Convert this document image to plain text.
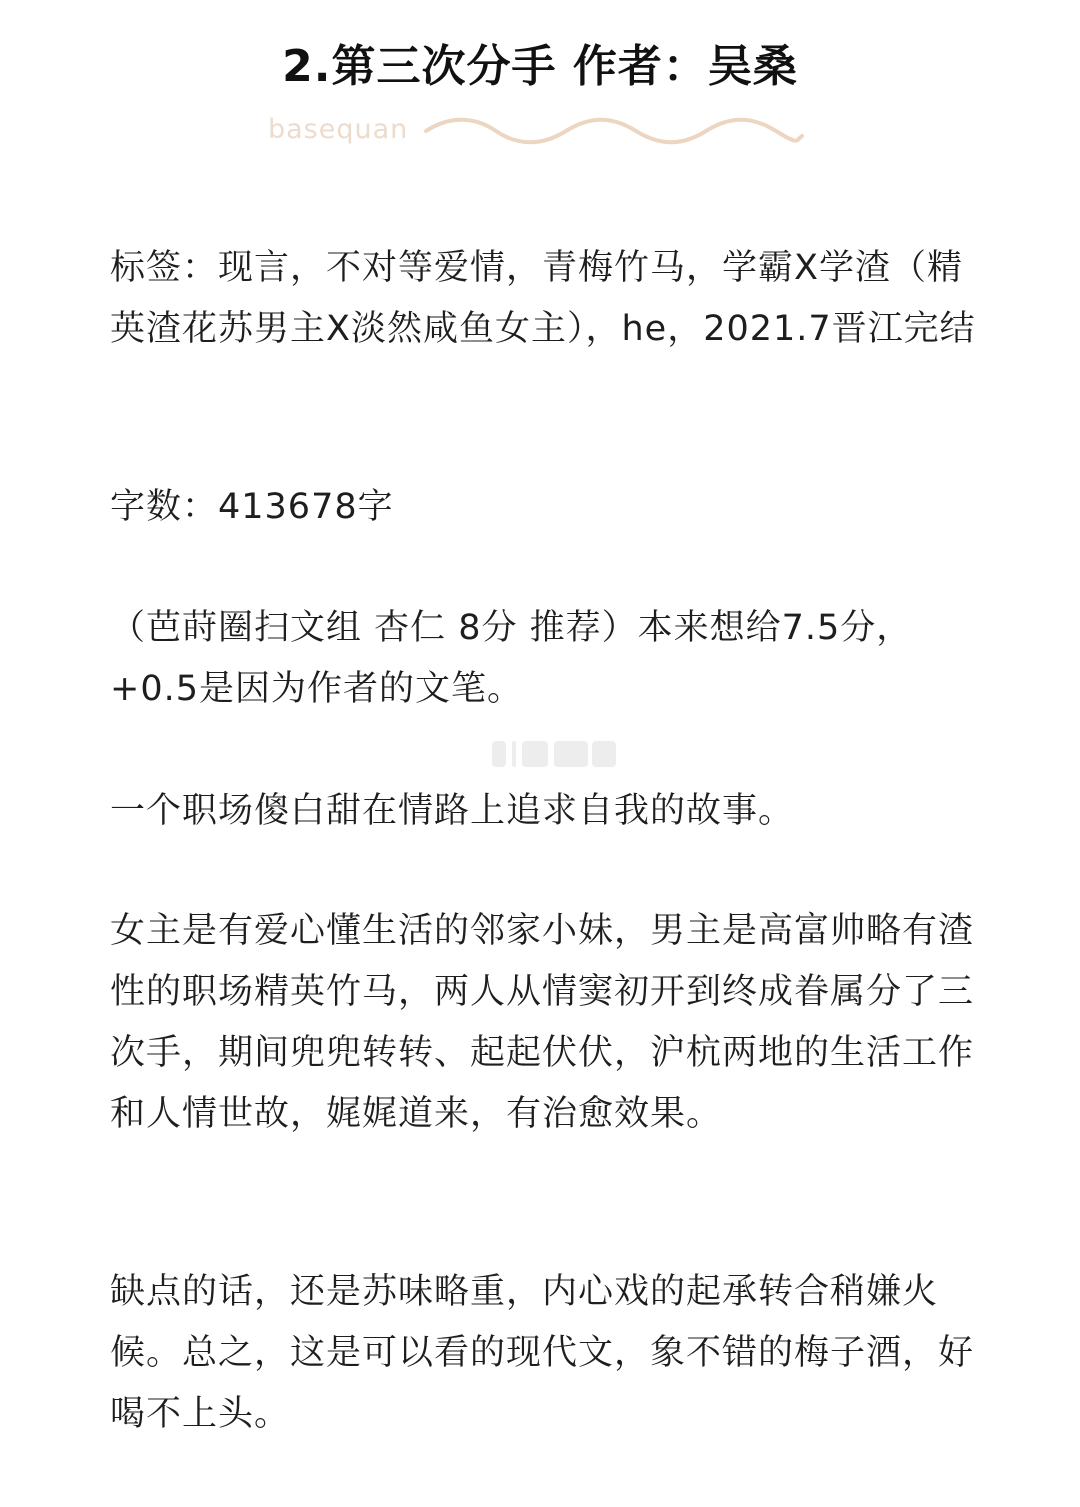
2.第三次分手 作者：吴桑
basequan

标签：现言，不对等爱情，青梅竹马，学霸X学渣（精英渣花苏男主X淡然咸鱼女主），he，2021.7晋江完结

字数：413678字

（芭莳圈扫文组 杏仁 8分 推荐）本来想给7.5分，+0.5是因为作者的文笔。

一个职场傻白甜在情路上追求自我的故事。

女主是有爱心懂生活的邻家小妹，男主是高富帅略有渣性的职场精英竹马，两人从情窦初开到终成眷属分了三次手，期间兜兜转转、起起伏伏，沪杭两地的生活工作和人情世故，娓娓道来，有治愈效果。

缺点的话，还是苏味略重，内心戏的起承转合稍嫌火候。总之，这是可以看的现代文，象不错的梅子酒，好喝不上头。
